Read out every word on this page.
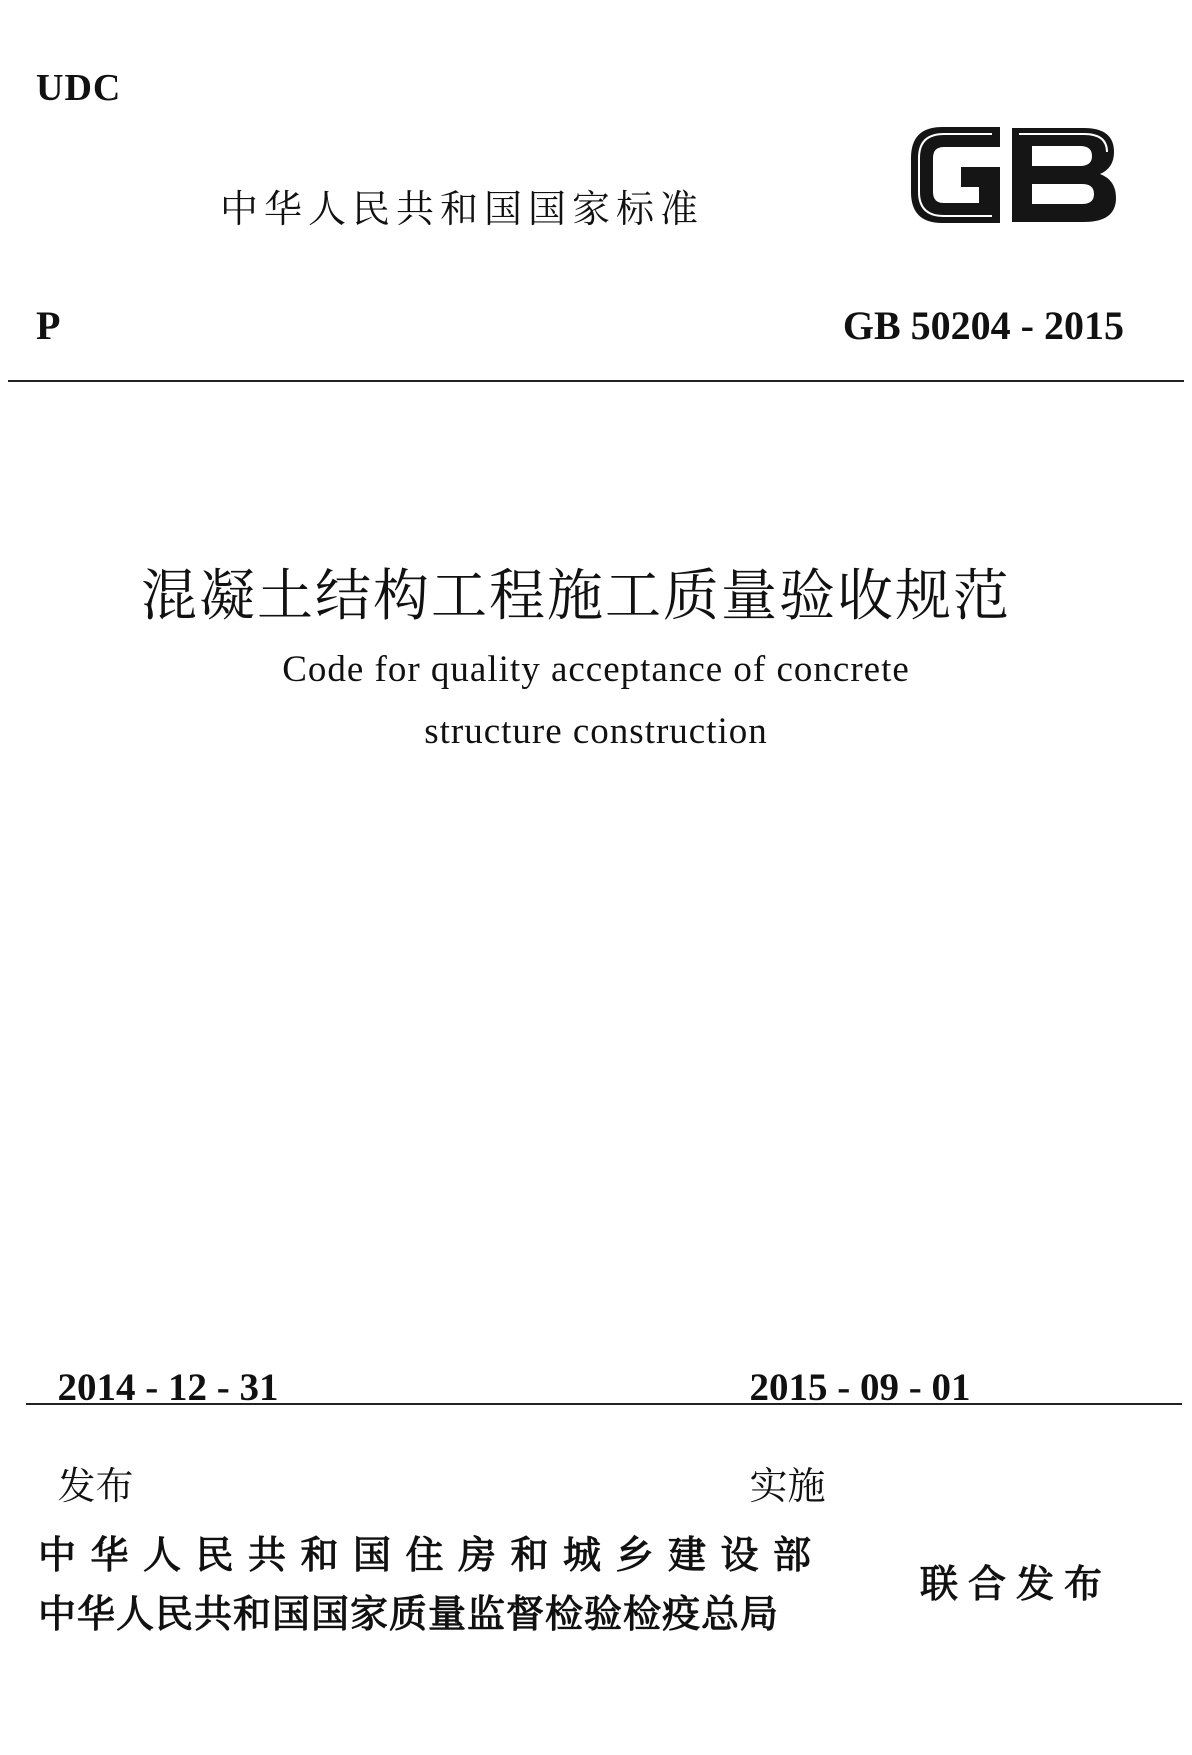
UDC
中华人民共和国国家标准
P	GB 50204 - 2015
混凝土结构工程施工质量验收规范
Code for quality acceptance of concrete
structure construction

2014 - 12 - 31

发布

2015 - 09 - 01

实施

中华人民共和国住房和城乡建设部
中华人民共和国国家质量监督检验检疫总局
联合发布
